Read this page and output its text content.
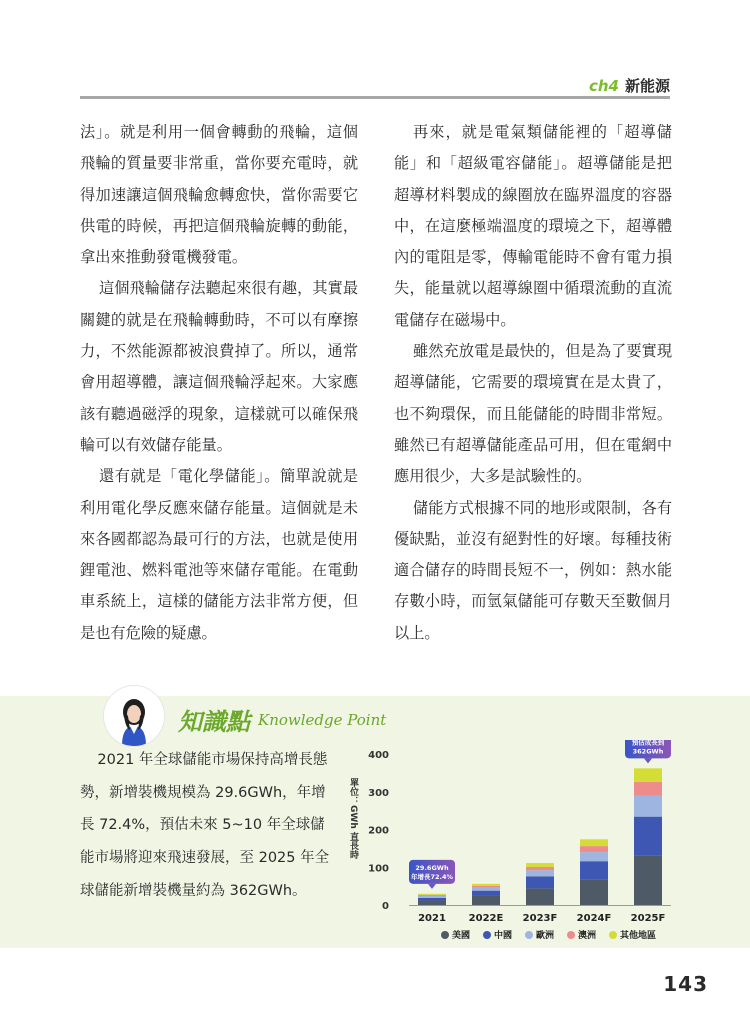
ch4 新能源

法」。就是利用一個會轉動的飛輪，這個飛輪的質量要非常重，當你要充電時，就得加速讓這個飛輪愈轉愈快，當你需要它供電的時候，再把這個飛輪旋轉的動能，拿出來推動發電機發電。

這個飛輪儲存法聽起來很有趣，其實最關鍵的就是在飛輪轉動時，不可以有摩擦力，不然能源都被浪費掉了。所以，通常會用超導體，讓這個飛輪浮起來。大家應該有聽過磁浮的現象，這樣就可以確保飛輪可以有效儲存能量。

還有就是「電化學儲能」。簡單說就是利用電化學反應來儲存能量。這個就是未來各國都認為最可行的方法，也就是使用鋰電池、燃料電池等來儲存電能。在電動車系統上，這樣的儲能方法非常方便，但是也有危險的疑慮。

再來，就是電氣類儲能裡的「超導儲能」和「超級電容儲能」。超導儲能是把超導材料製成的線圈放在臨界溫度的容器中，在這麼極端溫度的環境之下，超導體內的電阻是零，傳輸電能時不會有電力損失，能量就以超導線圈中循環流動的直流電儲存在磁場中。

雖然充放電是最快的，但是為了要實現超導儲能，它需要的環境實在是太貴了，也不夠環保，而且能儲能的時間非常短。雖然已有超導儲能產品可用，但在電網中應用很少，大多是試驗性的。

儲能方式根據不同的地形或限制，各有優缺點，並沒有絕對性的好壞。每種技術適合儲存的時間長短不一，例如：熱水能存數小時，而氫氣儲能可存數天至數個月以上。

知識點 Knowledge Point

2021 年全球儲能市場保持高增長態勢，新增裝機規模為 29.6GWh，年增長 72.4%，預估未來 5~10 年全球儲能市場將迎來飛速發展，至 2025 年全球儲能新增裝機量約為 362GWh。

0
100
200
300
400
單位：GWh 直長時
2021 2022E 2023F 2024F 2025F
29.6GWh
年增長72.4%
預估成長到
362GWh
美國	中國	歐洲	澳洲	其他地區
143
